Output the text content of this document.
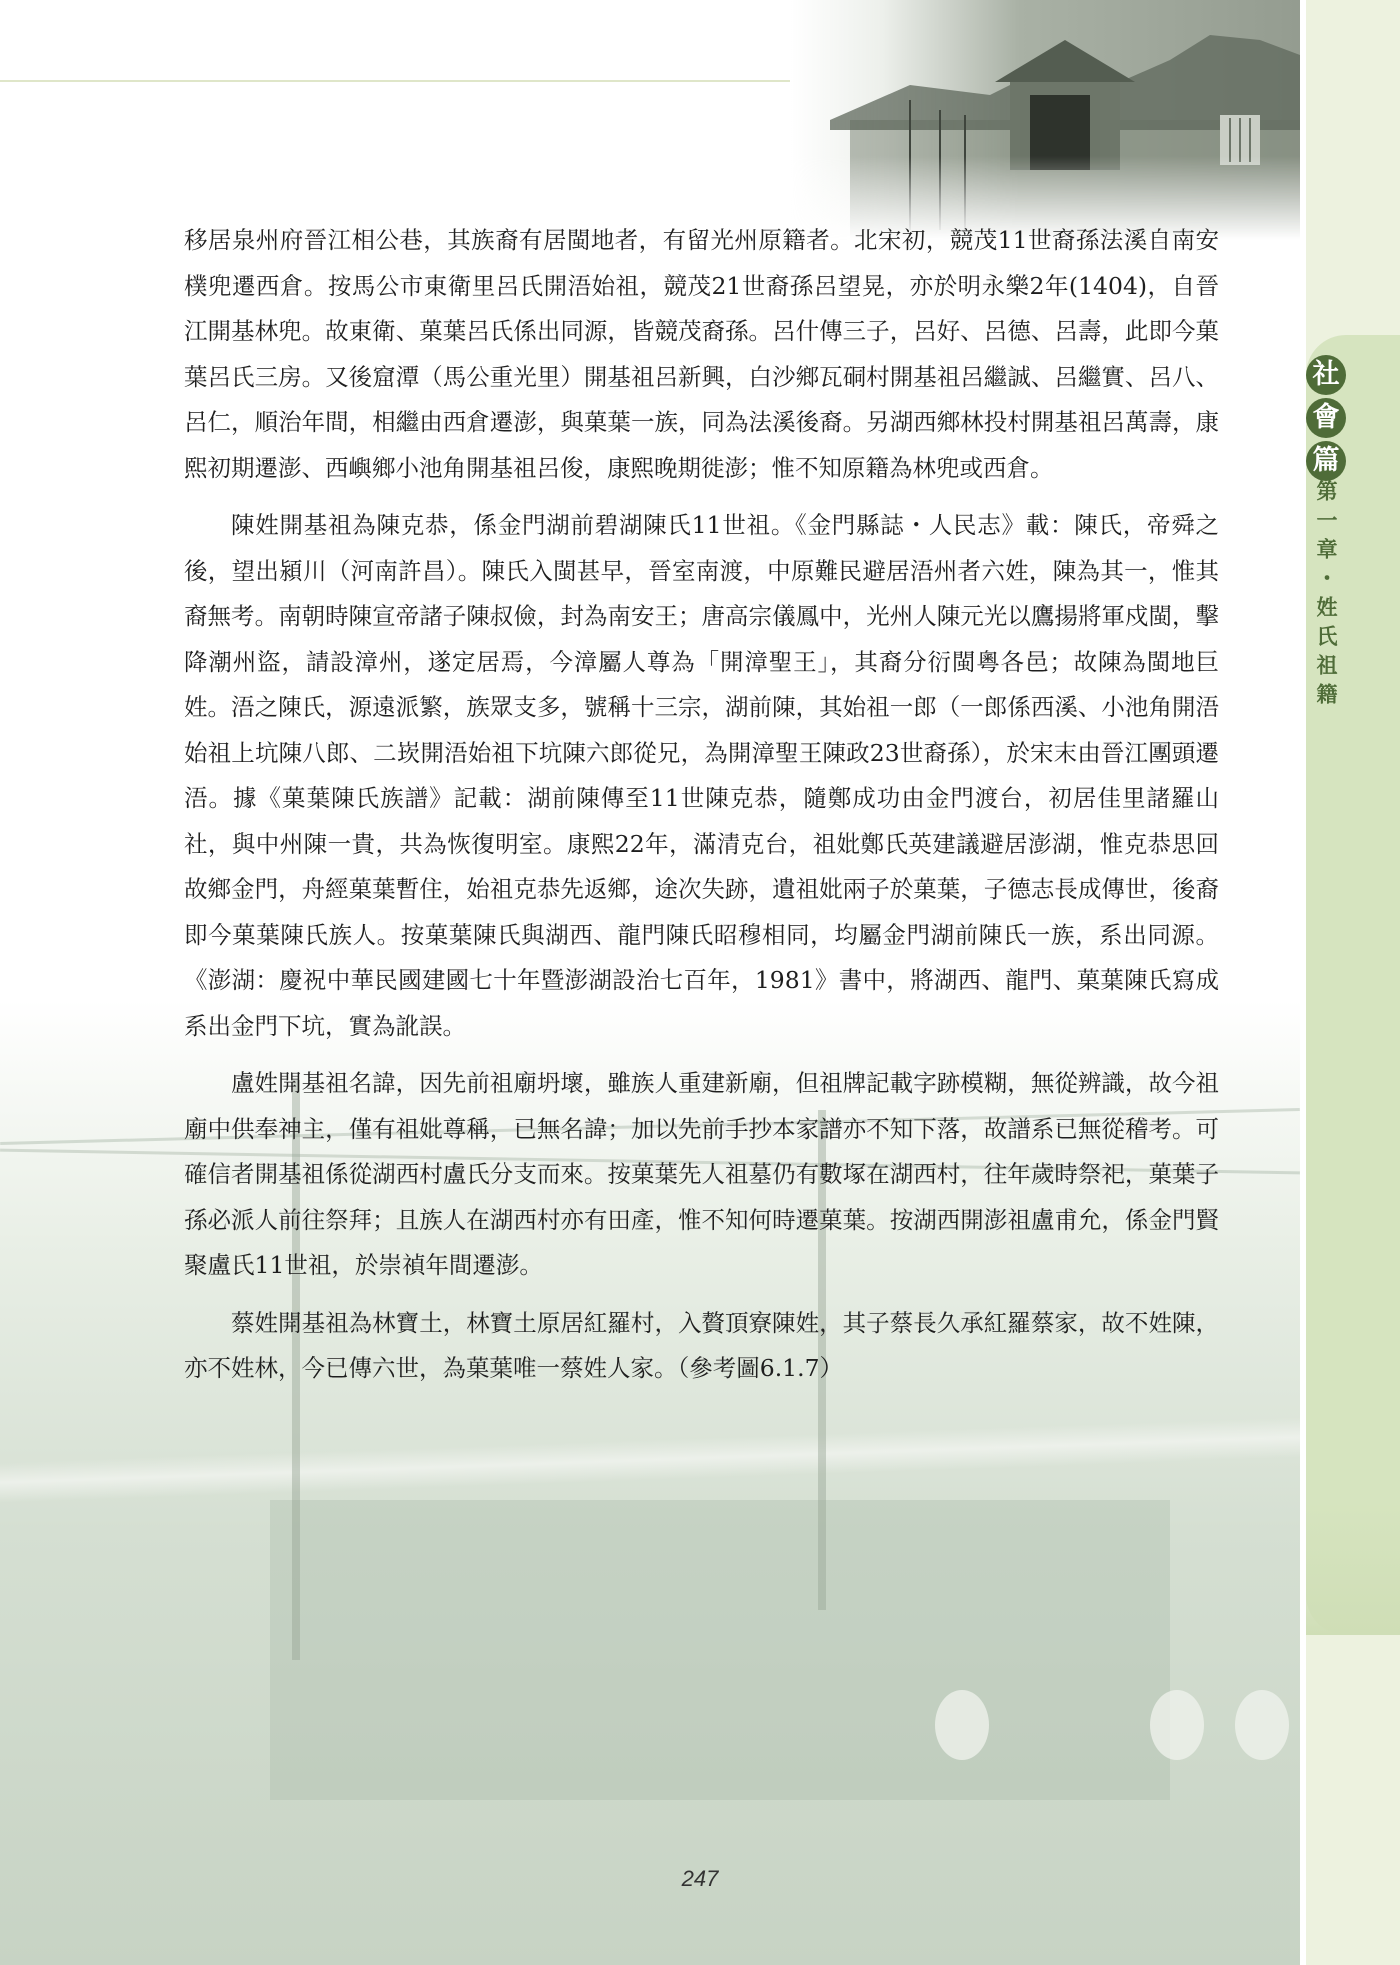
社
會
篇
第一章・姓氏祖籍

移居泉州府晉江相公巷，其族裔有居閩地者，有留光州原籍者。北宋初，競茂11世裔孫法溪自南安樸兜遷西倉。按馬公市東衛里呂氏開浯始祖，競茂21世裔孫呂望晃，亦於明永樂2年(1404)，自晉江開基林兜。故東衛、菓葉呂氏係出同源，皆競茂裔孫。呂什傳三子，呂好、呂德、呂壽，此即今菓葉呂氏三房。又後窟潭（馬公重光里）開基祖呂新興，白沙鄉瓦硐村開基祖呂繼誠、呂繼實、呂八、呂仁，順治年間，相繼由西倉遷澎，與菓葉一族，同為法溪後裔。另湖西鄉林投村開基祖呂萬壽，康熙初期遷澎、西嶼鄉小池角開基祖呂俊，康熙晚期徙澎；惟不知原籍為林兜或西倉。

陳姓開基祖為陳克恭，係金門湖前碧湖陳氏11世祖。《金門縣誌・人民志》載：陳氏，帝舜之後，望出潁川（河南許昌）。陳氏入閩甚早，晉室南渡，中原難民避居浯州者六姓，陳為其一，惟其裔無考。南朝時陳宣帝諸子陳叔儉，封為南安王；唐高宗儀鳳中，光州人陳元光以鷹揚將軍戍閩，擊降潮州盜，請設漳州，遂定居焉，今漳屬人尊為「開漳聖王」，其裔分衍閩粵各邑；故陳為閩地巨姓。浯之陳氏，源遠派繁，族眾支多，號稱十三宗，湖前陳，其始祖一郎（一郎係西溪、小池角開浯始祖上坑陳八郎、二崁開浯始祖下坑陳六郎從兄，為開漳聖王陳政23世裔孫），於宋末由晉江團頭遷浯。據《菓葉陳氏族譜》記載：湖前陳傳至11世陳克恭，隨鄭成功由金門渡台，初居佳里諸羅山社，與中州陳一貴，共為恢復明室。康熙22年，滿清克台，祖妣鄭氏英建議避居澎湖，惟克恭思回故鄉金門，舟經菓葉暫住，始祖克恭先返鄉，途次失跡，遺祖妣兩子於菓葉，子德志長成傳世，後裔即今菓葉陳氏族人。按菓葉陳氏與湖西、龍門陳氏昭穆相同，均屬金門湖前陳氏一族，系出同源。《澎湖：慶祝中華民國建國七十年暨澎湖設治七百年，1981》書中，將湖西、龍門、菓葉陳氏寫成系出金門下坑，實為訛誤。

盧姓開基祖名諱，因先前祖廟坍壞，雖族人重建新廟，但祖牌記載字跡模糊，無從辨識，故今祖廟中供奉神主，僅有祖妣尊稱，已無名諱；加以先前手抄本家譜亦不知下落，故譜系已無從稽考。可確信者開基祖係從湖西村盧氏分支而來。按菓葉先人祖墓仍有數塚在湖西村，往年歲時祭祀，菓葉子孫必派人前往祭拜；且族人在湖西村亦有田產，惟不知何時遷菓葉。按湖西開澎祖盧甫允，係金門賢聚盧氏11世祖，於崇禎年間遷澎。

蔡姓開基祖為林寶土，林寶土原居紅羅村，入贅頂寮陳姓，其子蔡長久承紅羅蔡家，故不姓陳，亦不姓林，今已傳六世，為菓葉唯一蔡姓人家。（參考圖6.1.7）

247
